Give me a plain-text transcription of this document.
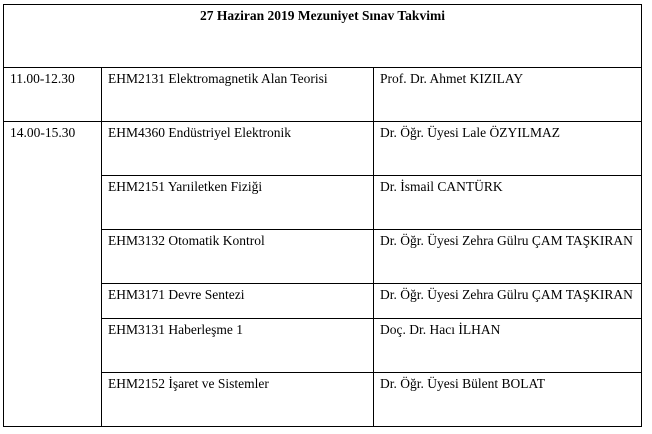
27 Haziran 2019 Mezuniyet Sınav Takvimi		
11.00-12.30	EHM2131 Elektromagnetik Alan Teorisi	Prof. Dr. Ahmet KIZILAY
14.00-15.30	EHM4360 Endüstriyel Elektronik	Dr. Öğr. Üyesi Lale ÖZYILMAZ
	EHM2151 Yarıiletken Fiziği	Dr. İsmail CANTÜRK
	EHM3132 Otomatik Kontrol	Dr. Öğr. Üyesi Zehra Gülru ÇAM TAŞKIRAN
	EHM3171 Devre Sentezi	Dr. Öğr. Üyesi Zehra Gülru ÇAM TAŞKIRAN
	EHM3131 Haberleşme 1	Doç. Dr. Hacı İLHAN
	EHM2152 İşaret ve Sistemler	Dr. Öğr. Üyesi Bülent BOLAT
